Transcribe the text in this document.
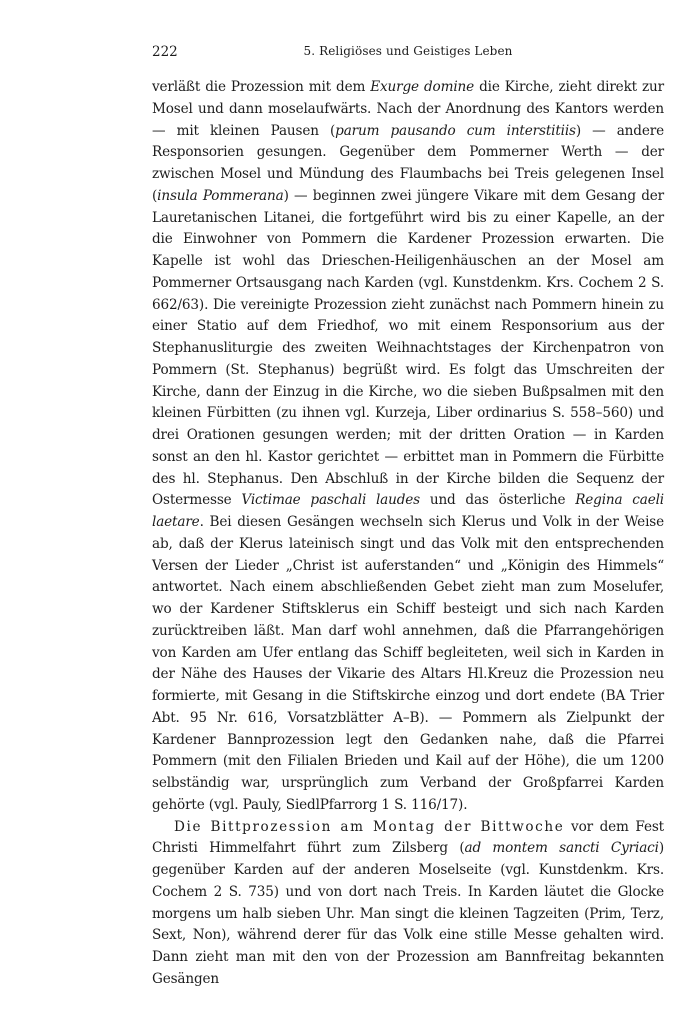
222	5. Religiöses und Geistiges Leben

verläßt die Prozession mit dem Exurge domine die Kirche, zieht direkt zur Mosel und dann moselaufwärts. Nach der Anordnung des Kantors werden — mit kleinen Pausen (parum pausando cum interstitiis) — andere Responsorien gesungen. Gegenüber dem Pommerner Werth — der zwischen Mosel und Mündung des Flaumbachs bei Treis gelegenen Insel (insula Pommerana) — beginnen zwei jüngere Vikare mit dem Gesang der Lauretanischen Litanei, die fortgeführt wird bis zu einer Kapelle, an der die Einwohner von Pommern die Kardener Prozession erwarten. Die Kapelle ist wohl das Drieschen-Heiligenhäuschen an der Mosel am Pommerner Ortsausgang nach Karden (vgl. Kunstdenkm. Krs. Cochem 2 S. 662/63). Die vereinigte Prozession zieht zunächst nach Pommern hinein zu einer Statio auf dem Friedhof, wo mit einem Responsorium aus der Stephanusliturgie des zweiten Weihnachtstages der Kirchenpatron von Pommern (St. Stephanus) begrüßt wird. Es folgt das Umschreiten der Kirche, dann der Einzug in die Kirche, wo die sieben Bußpsalmen mit den kleinen Fürbitten (zu ihnen vgl. Kurzeja, Liber ordinarius S. 558–560) und drei Orationen gesungen werden; mit der dritten Oration — in Karden sonst an den hl. Kastor gerichtet — erbittet man in Pommern die Fürbitte des hl. Stephanus. Den Abschluß in der Kirche bilden die Sequenz der Ostermesse Victimae paschali laudes und das österliche Regina caeli laetare. Bei diesen Gesängen wechseln sich Klerus und Volk in der Weise ab, daß der Klerus lateinisch singt und das Volk mit den entsprechenden Versen der Lieder „Christ ist auferstanden“ und „Königin des Himmels“ antwortet. Nach einem abschließenden Gebet zieht man zum Moselufer, wo der Kardener Stiftsklerus ein Schiff besteigt und sich nach Karden zurücktreiben läßt. Man darf wohl annehmen, daß die Pfarrangehörigen von Karden am Ufer entlang das Schiff begleiteten, weil sich in Karden in der Nähe des Hauses der Vikarie des Altars Hl.Kreuz die Prozession neu formierte, mit Gesang in die Stiftskirche einzog und dort endete (BA Trier Abt. 95 Nr. 616, Vorsatzblätter A–B). — Pommern als Zielpunkt der Kardener Bannprozession legt den Gedanken nahe, daß die Pfarrei Pommern (mit den Filialen Brieden und Kail auf der Höhe), die um 1200 selbständig war, ursprünglich zum Verband der Großpfarrei Karden gehörte (vgl. Pauly, SiedlPfarrorg 1 S. 116/17).

Die Bittprozession am Montag der Bittwoche vor dem Fest Christi Himmelfahrt führt zum Zilsberg (ad montem sancti Cyriaci) gegenüber Karden auf der anderen Moselseite (vgl. Kunstdenkm. Krs. Cochem 2 S. 735) und von dort nach Treis. In Karden läutet die Glocke morgens um halb sieben Uhr. Man singt die kleinen Tagzeiten (Prim, Terz, Sext, Non), während derer für das Volk eine stille Messe gehalten wird. Dann zieht man mit den von der Prozession am Bannfreitag bekannten Gesängen
